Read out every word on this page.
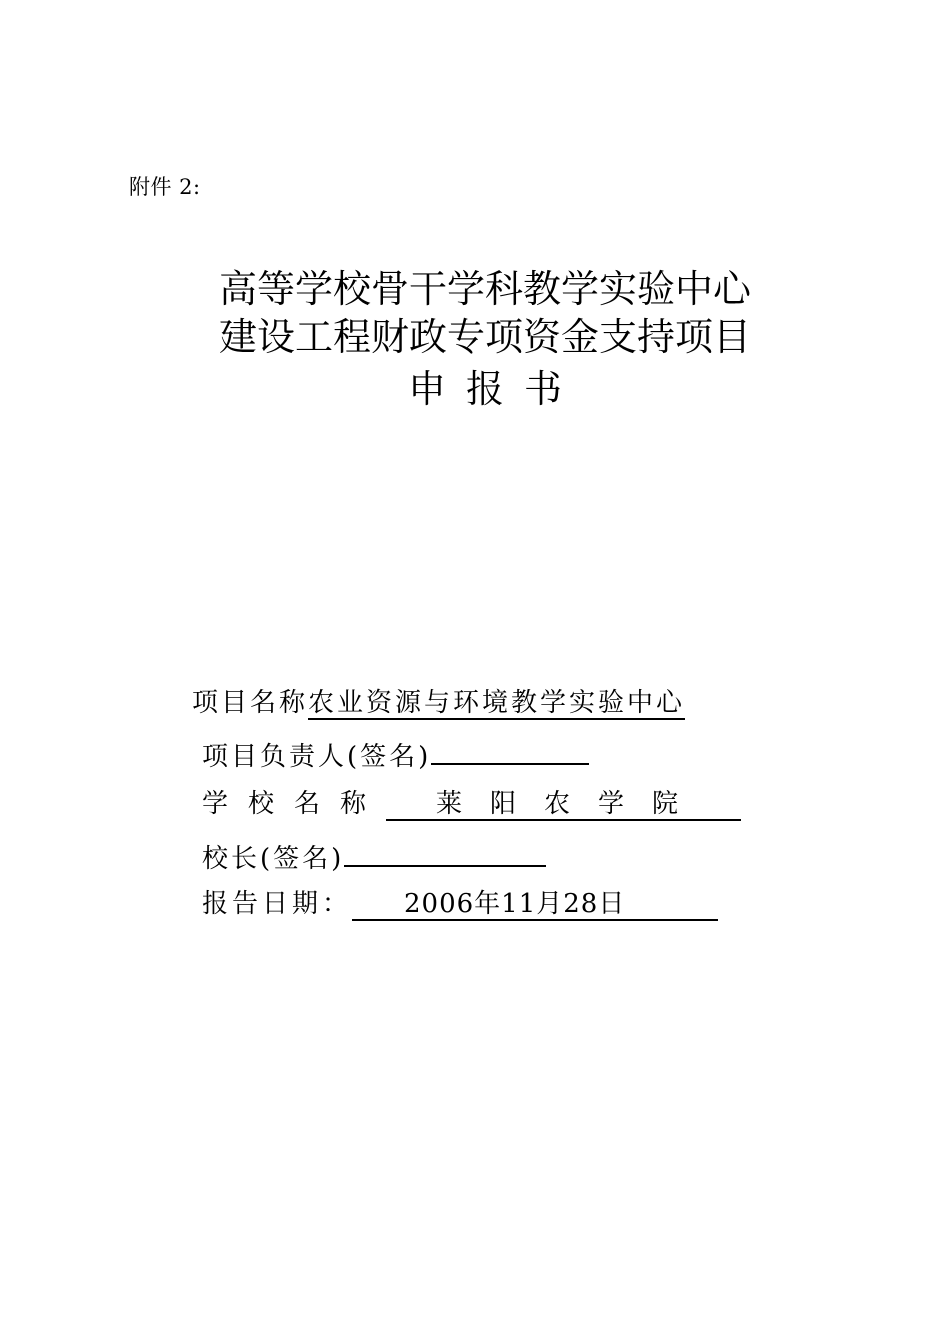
附件 2:
高等学校骨干学科教学实验中心
建设工程财政专项资金支持项目
申报书
项目名称农业资源与环境教学实验中心
项目负责人(签名)
学校名称 莱阳农学院
校长(签名)
报告日期： 2006年11月28日
